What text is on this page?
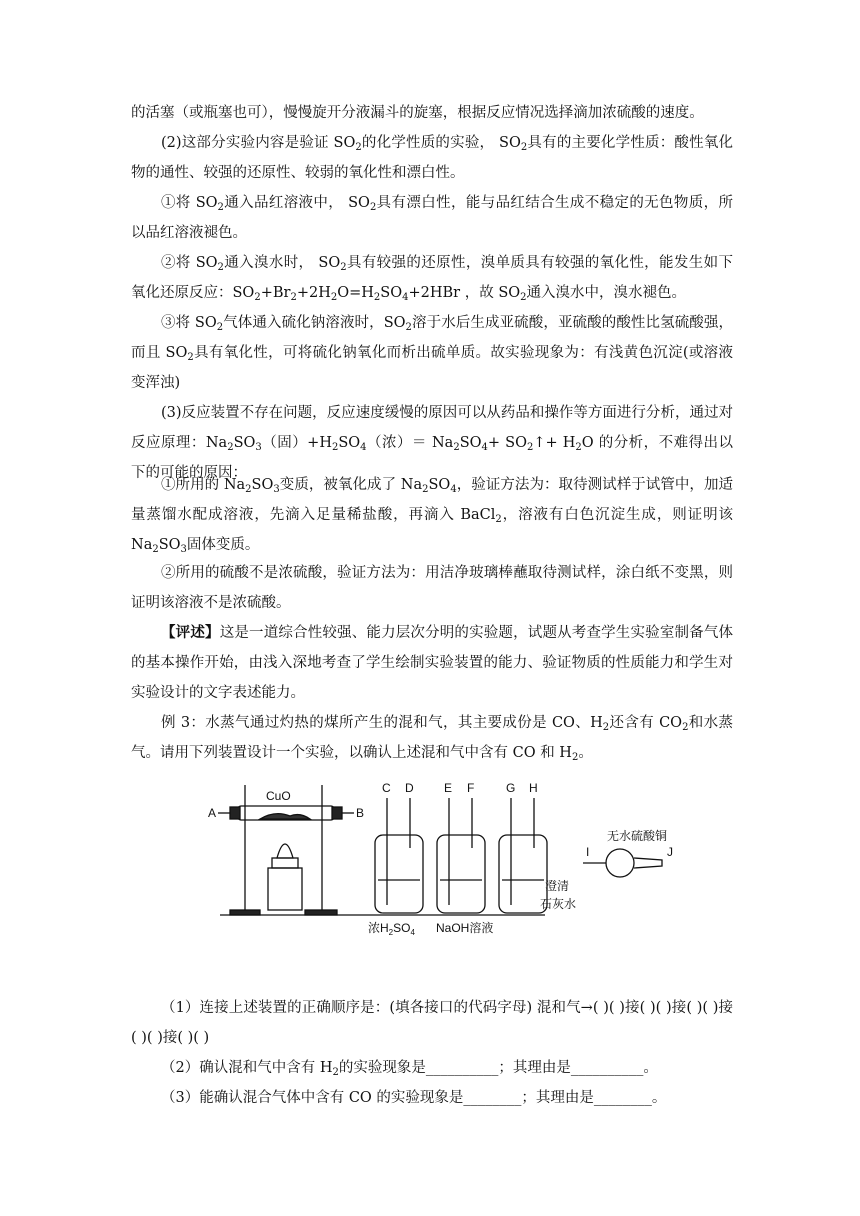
的活塞（或瓶塞也可），慢慢旋开分液漏斗的旋塞，根据反应情况选择滴加浓硫酸的速度。
(2)这部分实验内容是验证 $SO_2$的化学性质的实验， $SO_2$具有的主要化学性质：酸性氧化物的通性、较强的还原性、较弱的氧化性和漂白性。
①将 $SO_2$通入品红溶液中， $SO_2$具有漂白性，能与品红结合生成不稳定的无色物质，所以品红溶液褪色。
②将 $SO_2$通入溴水时， $SO_2$具有较强的还原性，溴单质具有较强的氧化性，能发生如下氧化还原反应：$SO_2+Br_2+2H_2O=H_2SO_4+2HBr$ ，故 $SO_2$通入溴水中，溴水褪色。
③将 $SO_2$气体通入硫化钠溶液时，$SO_2$溶于水后生成亚硫酸，亚硫酸的酸性比氢硫酸强，而且 $SO_2$具有氧化性，可将硫化钠氧化而析出硫单质。故实验现象为：有浅黄色沉淀(或溶液变浑浊)
(3)反应装置不存在问题，反应速度缓慢的原因可以从药品和操作等方面进行分析，通过对反应原理：$Na_2SO_3$（固）$+H_2SO_4$（浓）＝ $Na_2SO_4+$ $SO_2↑+ H_2O$ 的分析，不难得出以下的可能的原因：
①所用的 $Na_2SO_3$变质，被氧化成了 $Na_2SO_4$，验证方法为：取待测试样于试管中，加适量蒸馏水配成溶液，先滴入足量稀盐酸，再滴入 BaCl$_2$，溶液有白色沉淀生成，则证明该 $Na_2SO_3$固体变质。
②所用的硫酸不是浓硫酸，验证方法为：用洁净玻璃棒蘸取待测试样，涂白纸不变黑，则证明该溶液不是浓硫酸。
【评述】这是一道综合性较强、能力层次分明的实验题，试题从考查学生实验室制备气体的基本操作开始，由浅入深地考查了学生绘制实验装置的能力、验证物质的性质能力和学生对实验设计的文字表述能力。
例 3：水蒸气通过灼热的煤所产生的混和气，其主要成份是 CO、$H_2$还含有 $CO_2$和水蒸气。请用下列装置设计一个实验，以确认上述混和气中含有 CO 和 $H_2$。
A	B
CuO
C D	E F	G H
I	J
无水硫酸铜
澄清
石灰水
浓$H_2SO_4$ NaOH溶液
（1）连接上述装置的正确顺序是：(填各接口的代码字母) 混和气→( )( )接( )( )接( )( )接( )( )接( )( )
（2）确认混和气中含有 $H_2$的实验现象是__________；其理由是__________。
（3）能确认混合气体中含有 CO 的实验现象是________；其理由是________。
